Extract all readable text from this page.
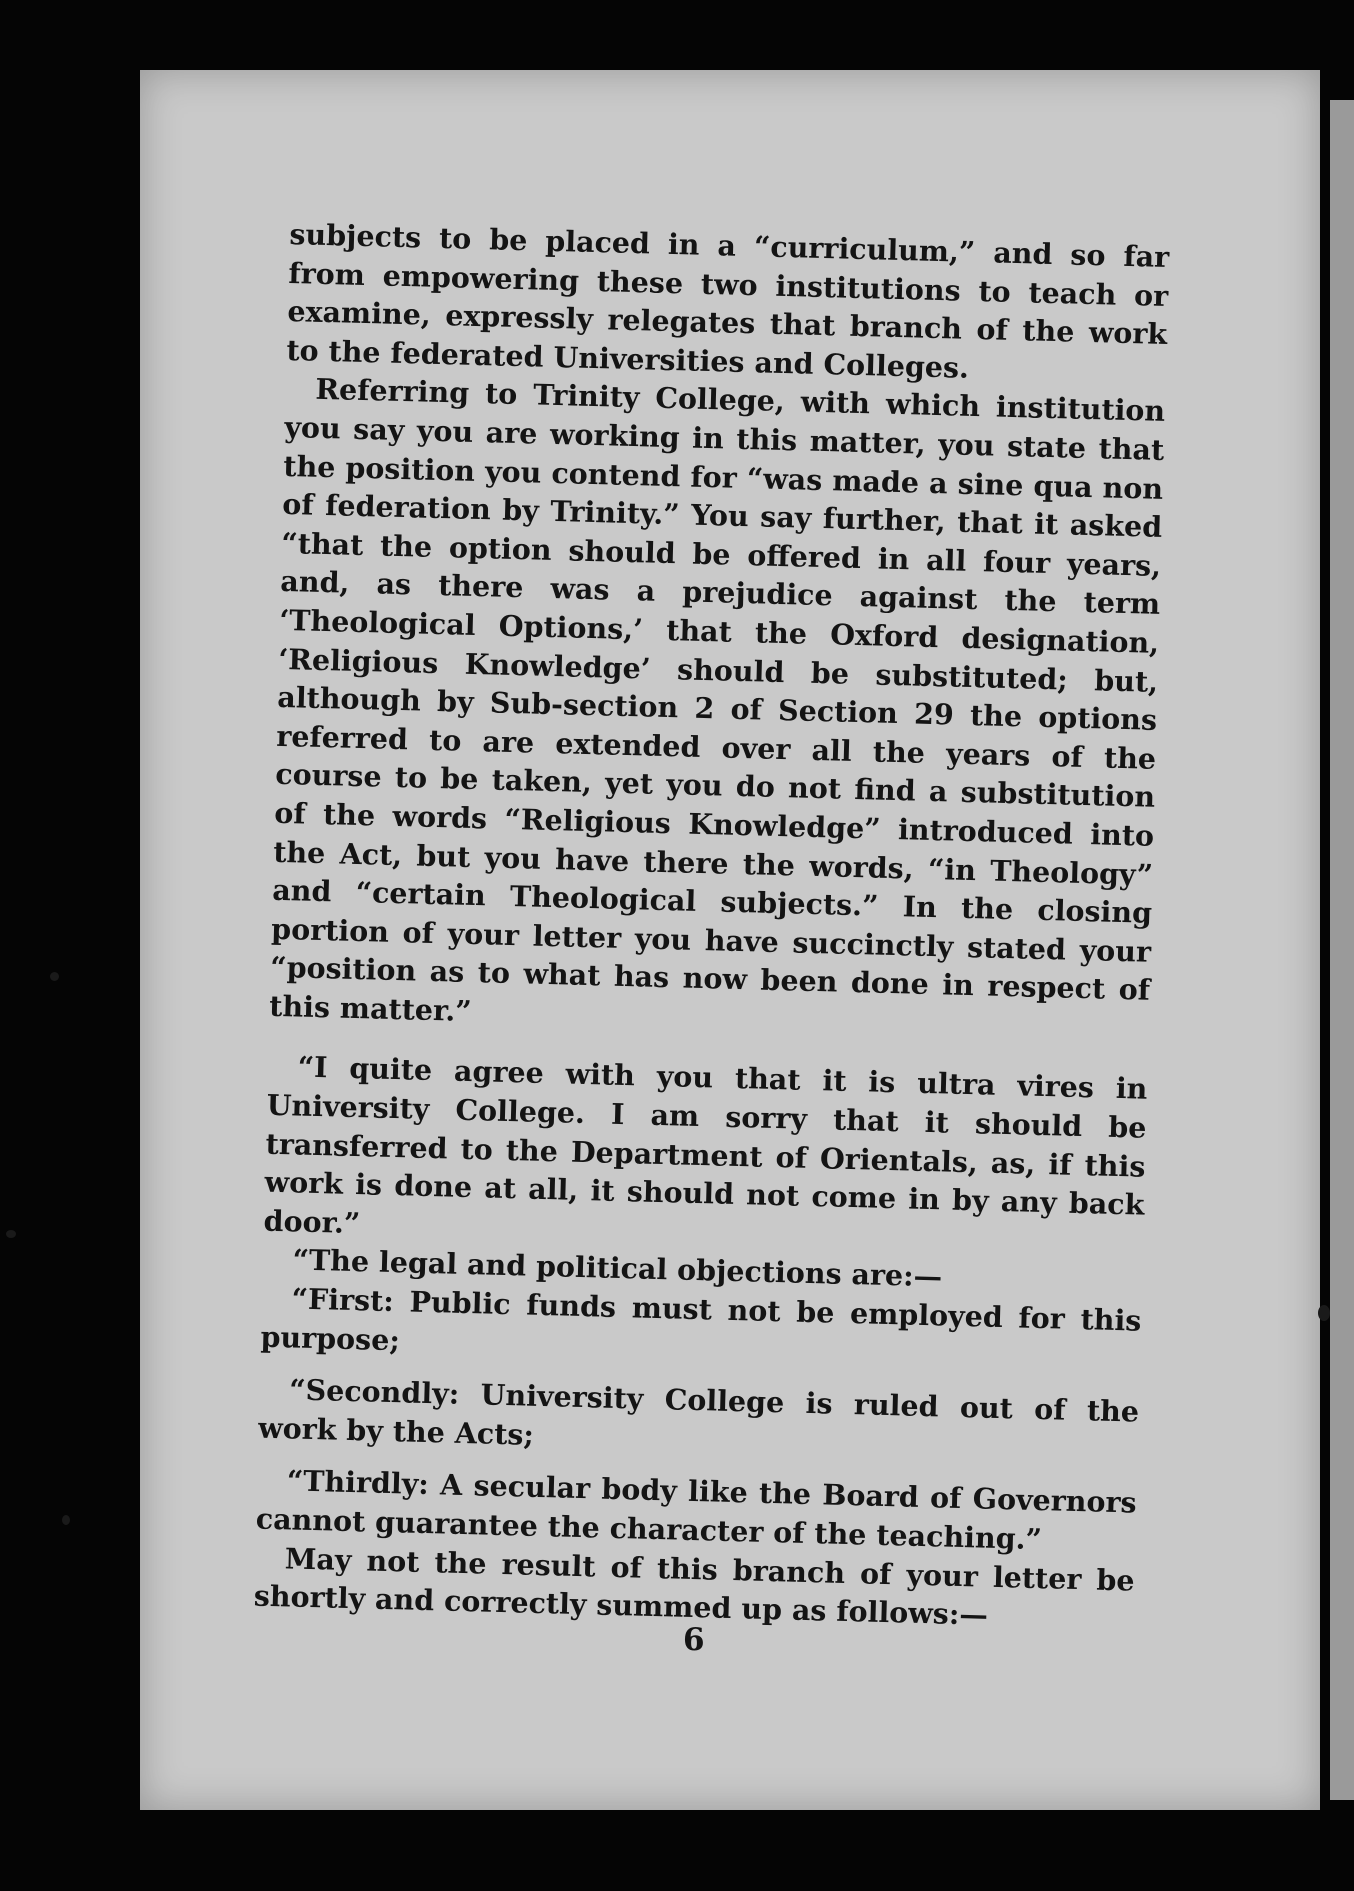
subjects to be placed in a “curriculum,” and so far from empowering these two institutions to teach or examine, expressly relegates that branch of the work to the federated Universities and Colleges.

Referring to Trinity College, with which institution you say you are working in this matter, you state that the position you contend for “was made a sine qua non of federation by Trinity.” You say further, that it asked “that the option should be offered in all four years, and, as there was a prejudice against the term ‘Theological Options,’ that the Oxford designation, ‘Religious Knowledge’ should be substituted; but, although by Sub-section 2 of Section 29 the options referred to are extended over all the years of the course to be taken, yet you do not find a substitution of the words “Religious Knowledge” introduced into the Act, but you have there the words, “in Theology” and “certain Theological subjects.” In the closing portion of your letter you have succinctly stated your “position as to what has now been done in respect of this matter.”

“I quite agree with you that it is ultra vires in University College. I am sorry that it should be transferred to the Department of Orientals, as, if this work is done at all, it should not come in by any back door.”

“The legal and political objections are:—

“First: Public funds must not be employed for this purpose;

“Secondly: University College is ruled out of the work by the Acts;

“Thirdly: A secular body like the Board of Governors cannot guarantee the character of the teaching.”

May not the result of this branch of your letter be shortly and correctly summed up as follows:—

6
